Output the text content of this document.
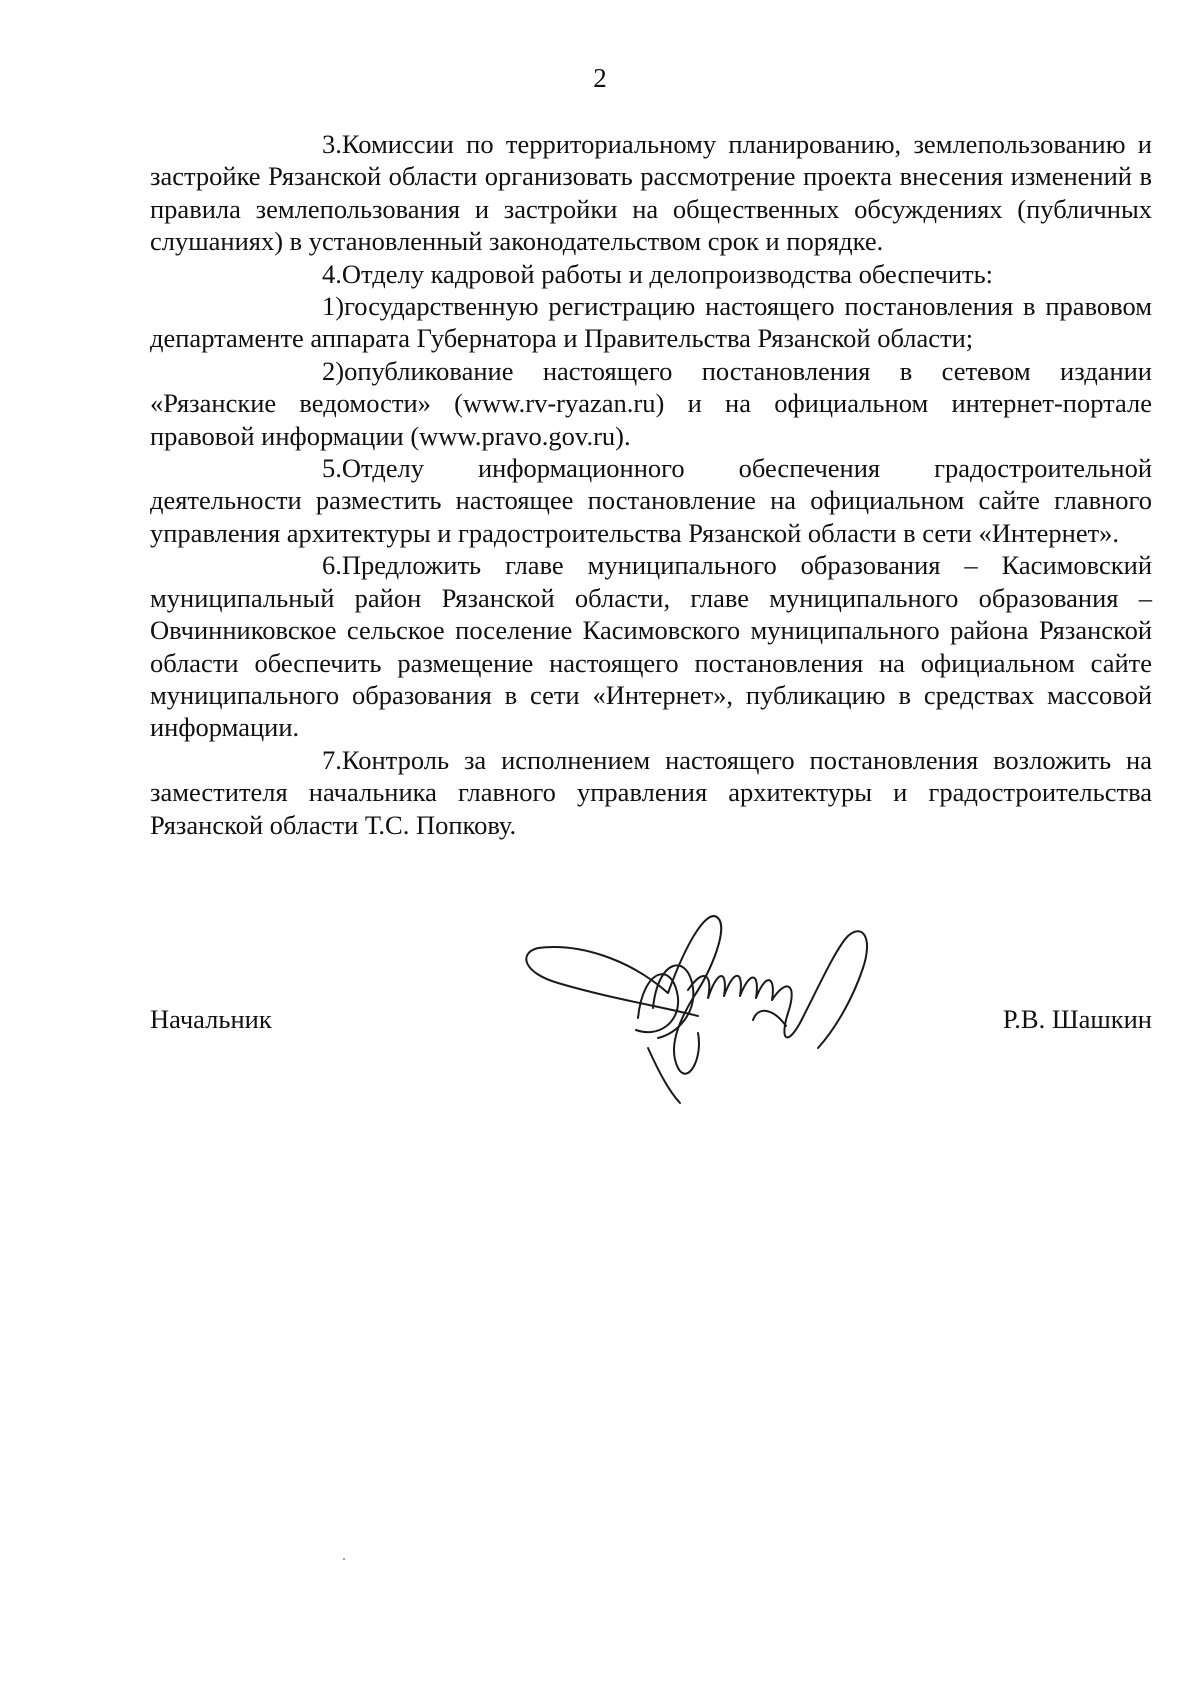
2

3.Комиссии по территориальному планированию, землепользованию и застройке Рязанской области организовать рассмотрение проекта внесения изменений в правила землепользования и застройки на общественных обсуждениях (публичных слушаниях) в установленный законодательством срок и порядке.

4.Отделу кадровой работы и делопроизводства обеспечить:

1)государственную регистрацию настоящего постановления в правовом департаменте аппарата Губернатора и Правительства Рязанской области;

2)опубликование настоящего постановления в сетевом издании «Рязанские ведомости» (www.rv-ryazan.ru) и на официальном интернет-портале правовой информации (www.pravo.gov.ru).

5.Отделу информационного обеспечения градостроительной деятельности разместить настоящее постановление на официальном сайте главного управления архитектуры и градостроительства Рязанской области в сети «Интернет».

6.Предложить главе муниципального образования – Касимовский муниципальный район Рязанской области, главе муниципального образования – Овчинниковское сельское поселение Касимовского муниципального района Рязанской области обеспечить размещение настоящего постановления на официальном сайте муниципального образования в сети «Интернет», публикацию в средствах массовой информации.

7.Контроль за исполнением настоящего постановления возложить на заместителя начальника главного управления архитектуры и градостроительства Рязанской области Т.С. Попкову.

Начальник	Р.В. Шашкин
